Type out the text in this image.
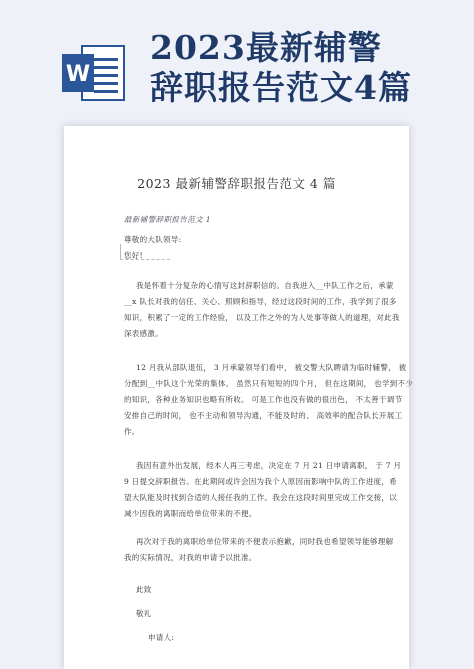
W
2023最新辅警
辞职报告范文4篇
2023 最新辅警辞职报告范文 4 篇
最新辅警辞职报告范文 1
尊敬的大队领导:
您好!
我是怀着十分复杂的心情写这封辞职信的。自我进入__中队工作之后，承蒙
__x 队长对我的信任、关心、照顾和指导，经过这段时间的工作，我学到了很多
知识，积累了一定的工作经验， 以及工作之外的为人处事等做人的道理，对此我
深表感激。
12 月我从部队退伍， 3 月承蒙领导们看中， 被交警大队聘请为临时辅警， 被
分配到__中队这个光荣的集体。 虽然只有短短的四个月， 但在这期间， 也学到不少
的知识，各种业务知识也略有所收。 可是工作也没有做的很出色， 不太善于调节
安排自己的时间， 也不主动和领导沟通，不能及时的、 高效率的配合队长开展工
作。
我因有意外出发展，经本人再三考虑，决定在 7 月 21 日申请离职， 于 7 月
9 日提交辞职报告。在此期间或许会因为我个人原因而影响中队的工作进度，希
望大队能及时找到合适的人接任我的工作。我会在这段时间里完成工作交接，以
减少因我的离职而给单位带来的不便。
再次对于我的离职给单位带来的不便表示抱歉，同时我也希望领导能够理解
我的实际情况，对我的申请予以批准。
此致
敬礼
申请人:
